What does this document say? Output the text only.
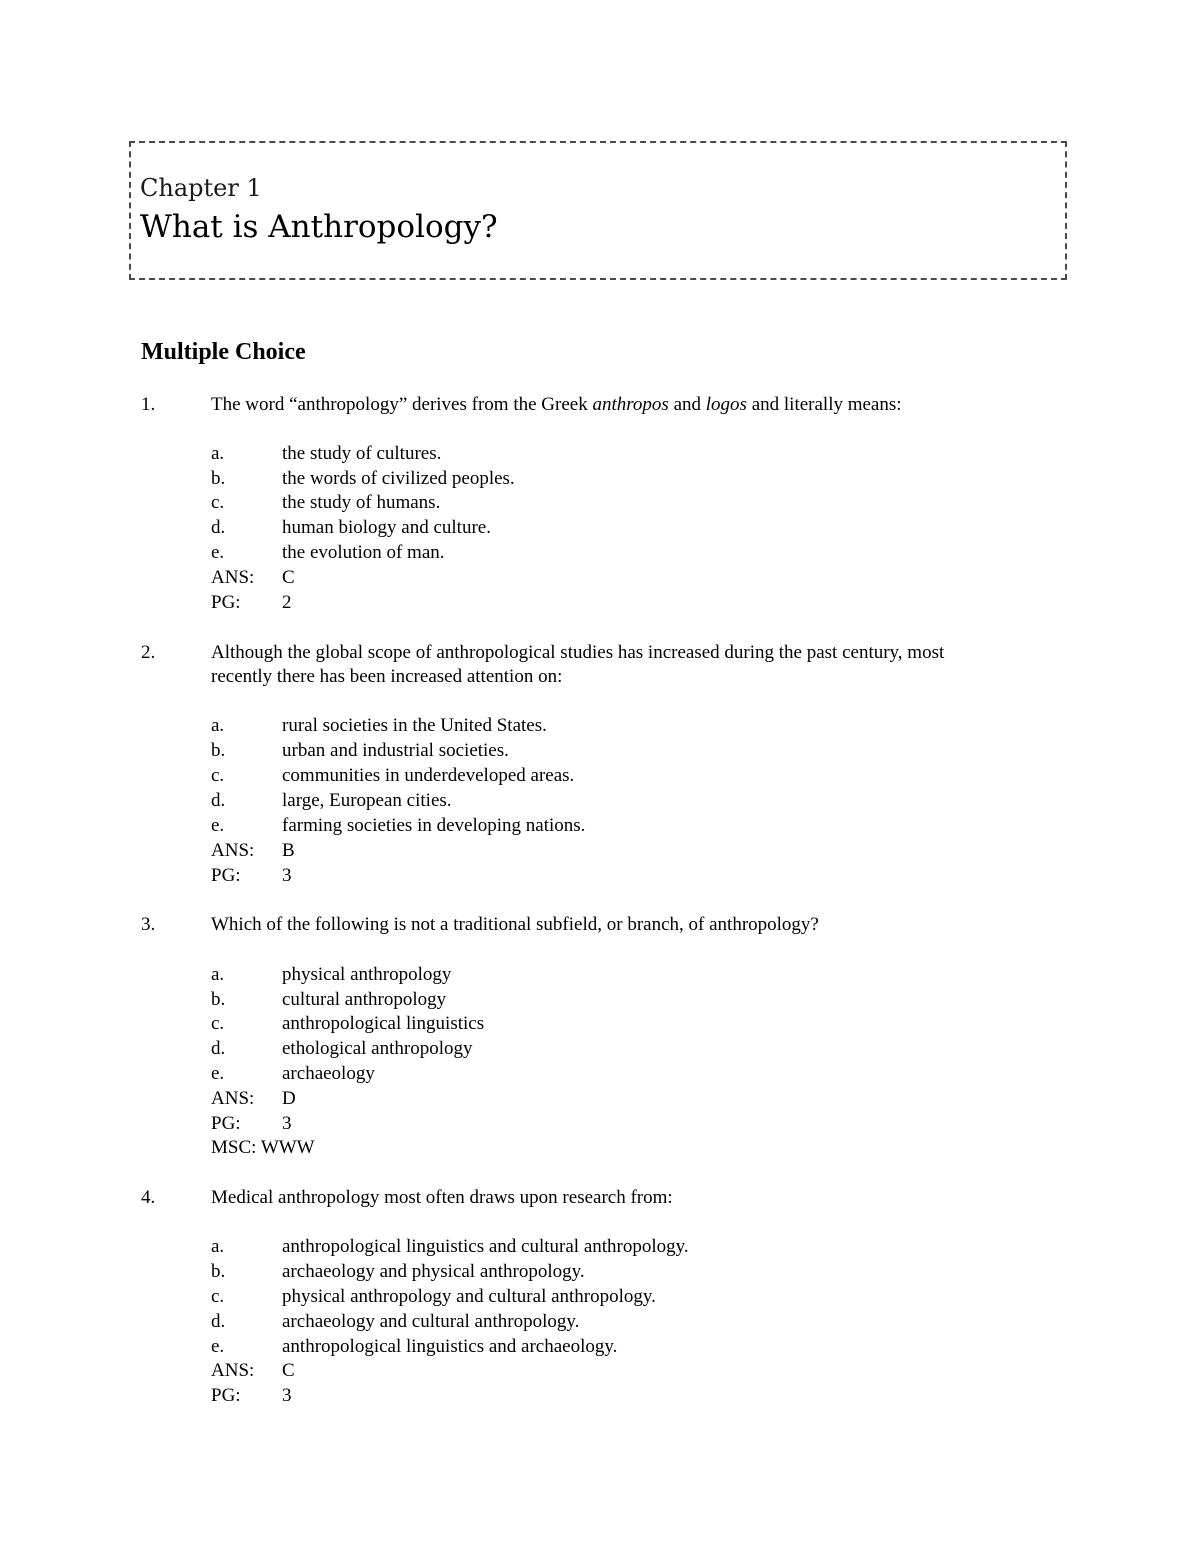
Chapter 1
What is Anthropology?
Multiple Choice
1.	The word “anthropology” derives from the Greek anthropos and logos and literally means:
a.	the study of cultures.
b.	the words of civilized peoples.
c.	the study of humans.
d.	human biology and culture.
e.	the evolution of man.
ANS: C
PG: 2
2.	Although the global scope of anthropological studies has increased during the past century, most
recently there has been increased attention on:
a.	rural societies in the United States.
b.	urban and industrial societies.
c.	communities in underdeveloped areas.
d.	large, European cities.
e.	farming societies in developing nations.
ANS: B
PG: 3
3.	Which of the following is not a traditional subfield, or branch, of anthropology?
a.	physical anthropology
b.	cultural anthropology
c.	anthropological linguistics
d.	ethological anthropology
e.	archaeology
ANS: D
PG: 3
MSC: WWW
4.	Medical anthropology most often draws upon research from:
a.	anthropological linguistics and cultural anthropology.
b.	archaeology and physical anthropology.
c.	physical anthropology and cultural anthropology.
d.	archaeology and cultural anthropology.
e.	anthropological linguistics and archaeology.
ANS: C
PG: 3
